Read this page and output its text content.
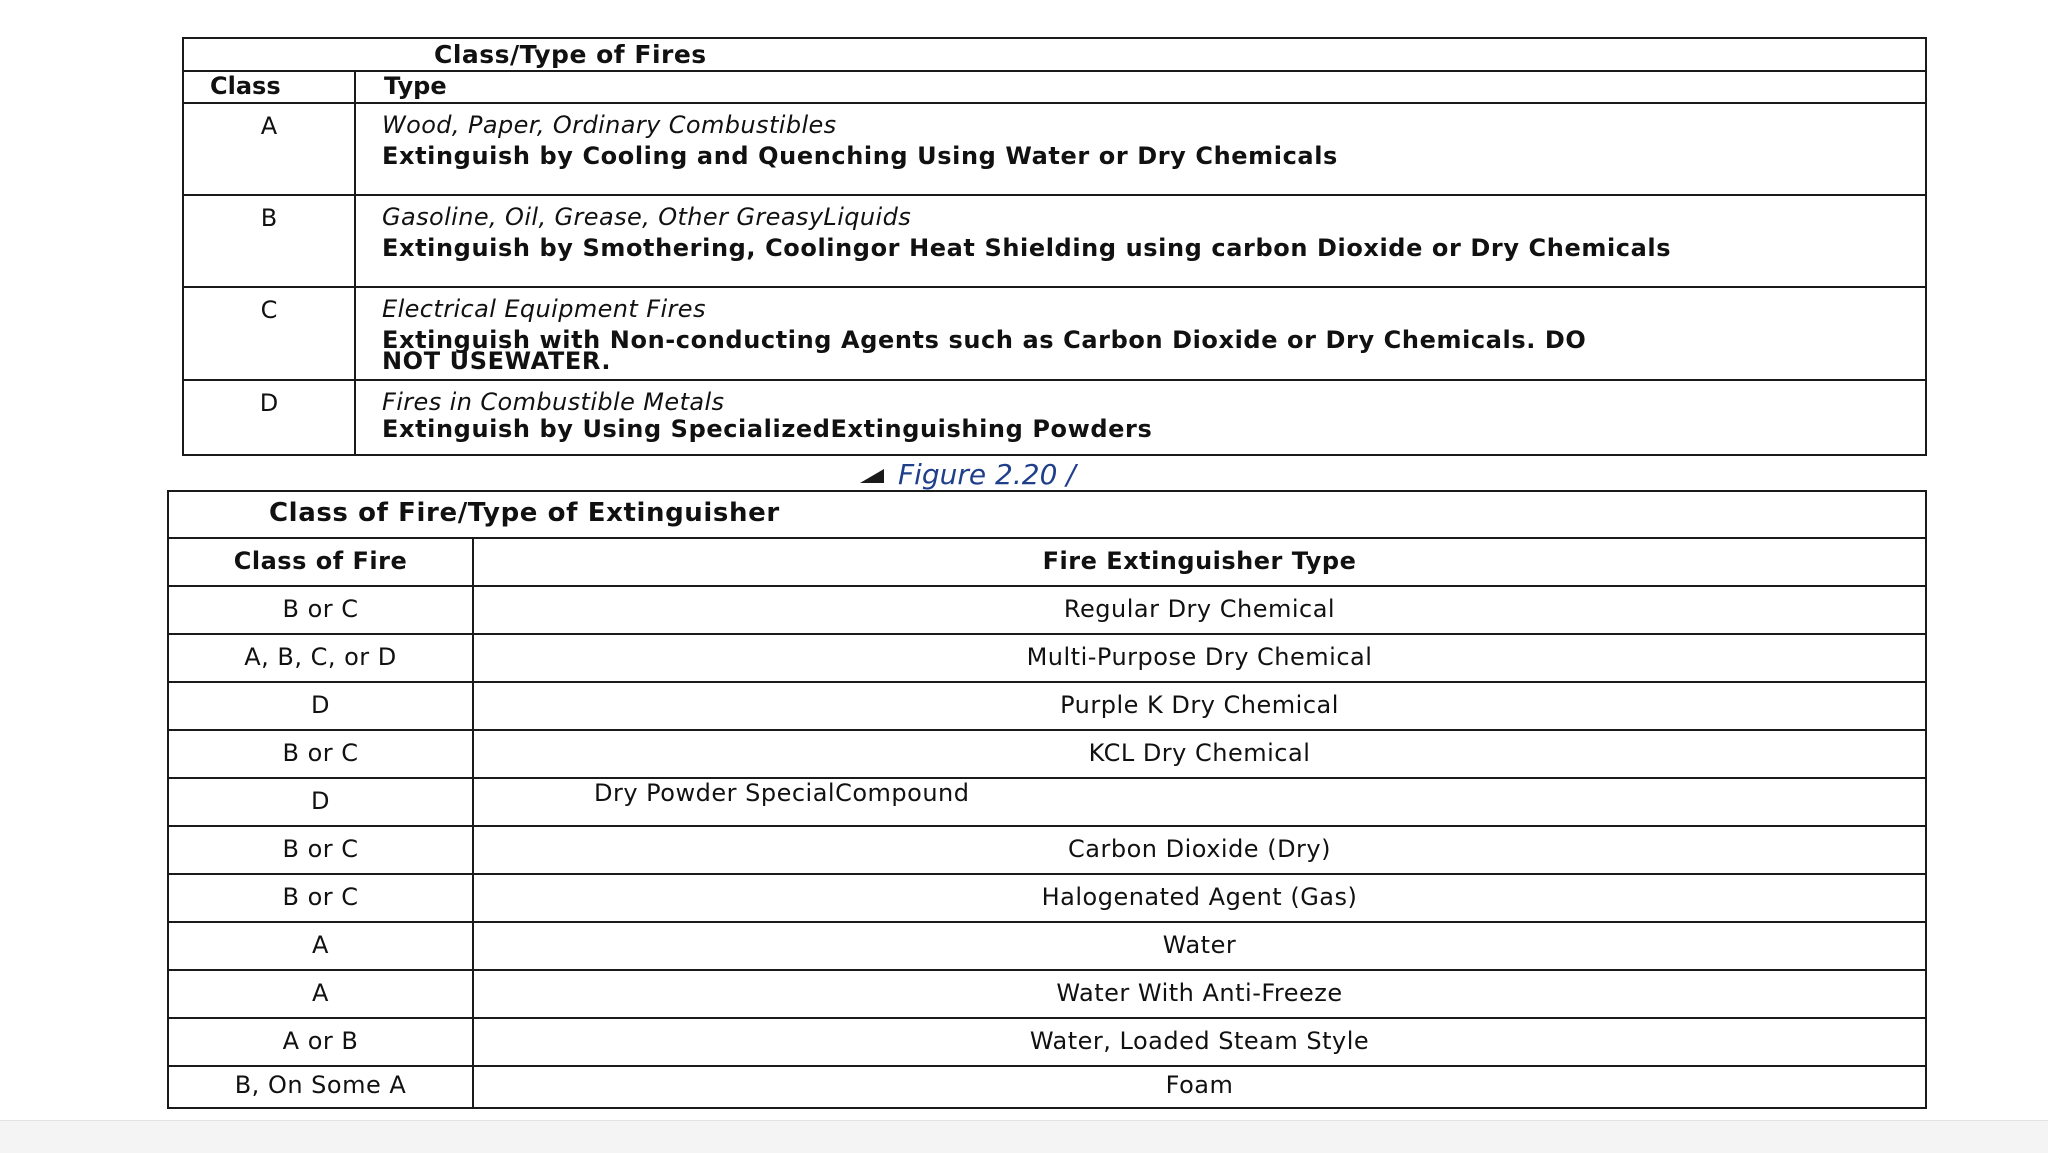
Class/Type of Fires
Class	Type
A	Wood, Paper, Ordinary Combustibles
Extinguish by Cooling and Quenching Using Water or Dry Chemicals
B	Gasoline, Oil, Grease, Other GreasyLiquids
Extinguish by Smothering, Coolingor Heat Shielding using carbon Dioxide or Dry Chemicals
C	Electrical Equipment Fires
Extinguish with Non-conducting Agents such as Carbon Dioxide or Dry Chemicals. DO NOT USEWATER.
D	Fires in Combustible Metals
Extinguish by Using SpecializedExtinguishing Powders
Figure 2.20 /
Class of Fire/Type of Extinguisher
Class of Fire	Fire Extinguisher Type
B or C	Regular Dry Chemical
A, B, C, or D	Multi-Purpose Dry Chemical
D	Purple K Dry Chemical
B or C	KCL Dry Chemical
D	Dry Powder SpecialCompound
B or C	Carbon Dioxide (Dry)
B or C	Halogenated Agent (Gas)
A	Water
A	Water With Anti-Freeze
A or B	Water, Loaded Steam Style
B, On Some A	Foam
